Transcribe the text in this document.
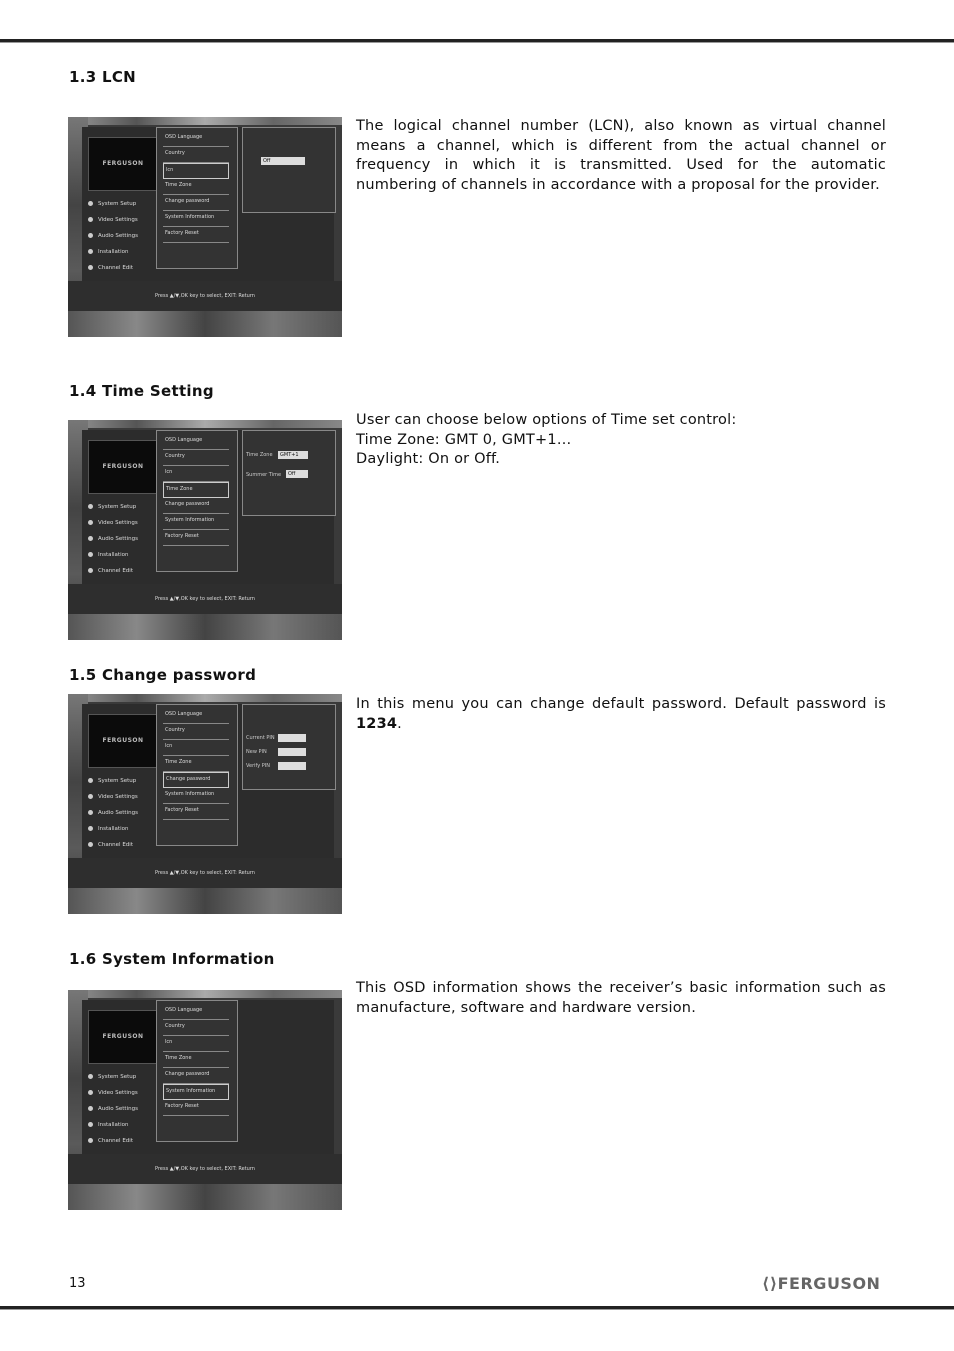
1.3 LCN
FERGUSON
System Setup
Video Settings
Audio Settings
Installation
Channel Edit
OSD Language
Country
lcn
Time Zone
Change password
System Information
Factory Reset
Off
Press ▲/▼,OK key to select, EXIT: Return

The logical channel number (LCN), also known as virtual channel means a channel, which is different from the actual channel or frequency in which it is transmitted. Used for the automatic numbering of channels in accordance with a proposal for the provider.

1.4 Time Setting
FERGUSON
System Setup
Video Settings
Audio Settings
Installation
Channel Edit
OSD Language
Country
lcn
Time Zone
Change password
System Information
Factory Reset
Time Zone	GMT+1
Summer Time	Off
Press ▲/▼,OK key to select, EXIT: Return
User can choose below options of Time set control:
Time Zone: GMT 0, GMT+1…
Daylight: On or Off.
1.5 Change password
FERGUSON
System Setup
Video Settings
Audio Settings
Installation
Channel Edit
OSD Language
Country
lcn
Time Zone
Change password
System Information
Factory Reset
Current PIN
New PIN
Verify PIN
Press ▲/▼,OK key to select, EXIT: Return

In this menu you can change default password. Default password is 1234.

1.6 System Information
FERGUSON
System Setup
Video Settings
Audio Settings
Installation
Channel Edit
OSD Language
Country
lcn
Time Zone
Change password
System Information
Factory Reset
Press ▲/▼,OK key to select, EXIT: Return

This OSD information shows the receiver’s basic information such as manufacture, software and hardware version.

13	⟨⟩FERGUSON
